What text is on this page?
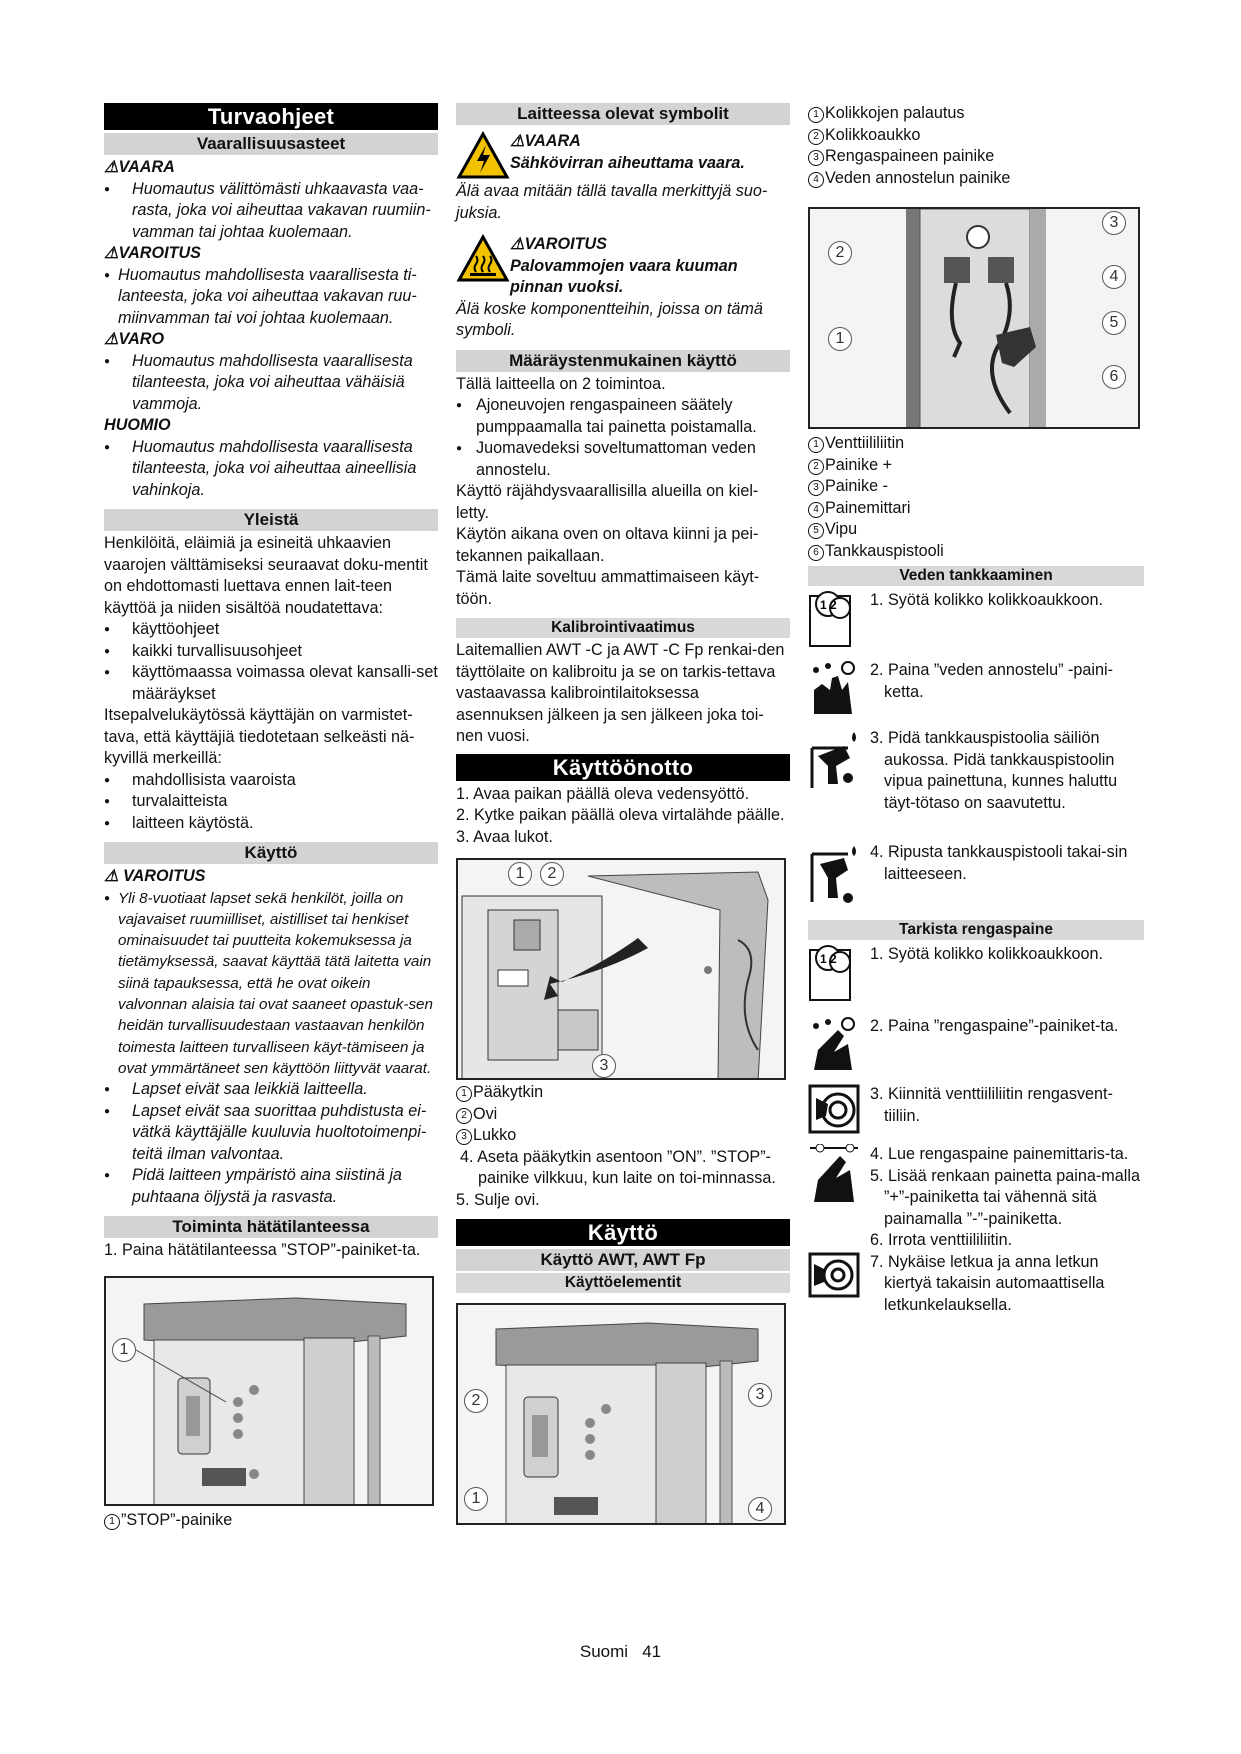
Turvaohjeet
Vaarallisuusasteet

⚠VAARA

● Huomautus välittömästi uhkaavasta vaa-rasta, joka voi aiheuttaa vakavan ruumiin-vamman tai johtaa kuolemaan.

⚠VAROITUS

● Huomautus mahdollisesta vaarallisesta ti-lanteesta, joka voi aiheuttaa vakavan ruu-miinvamman tai voi johtaa kuolemaan.

⚠VARO

● Huomautus mahdollisesta vaarallisesta tilanteesta, joka voi aiheuttaa vähäisiä vammoja.

HUOMIO

● Huomautus mahdollisesta vaarallisesta tilanteesta, joka voi aiheuttaa aineellisia vahinkoja.

Yleistä

Henkilöitä, eläimiä ja esineitä uhkaavien vaarojen välttämiseksi seuraavat doku-mentit on ehdottomasti luettava ennen lait-teen käyttöä ja niiden sisältöä noudatettava:

● käyttöohjeet

● kaikki turvallisuusohjeet

● käyttömaassa voimassa olevat kansalli-set määräykset

Itsepalvelukäytössä käyttäjän on varmistet-tava, että käyttäjiä tiedotetaan selkeästi nä-kyvillä merkeillä:

● mahdollisista vaaroista

● turvalaitteista

● laitteen käytöstä.

Käyttö

⚠ VAROITUS

● Yli 8-vuotiaat lapset sekä henkilöt, joilla on vajavaiset ruumiilliset, aistilliset tai henkiset ominaisuudet tai puutteita kokemuksessa ja tietämyksessä, saavat käyttää tätä laitetta vain siinä tapauksessa, että he ovat oikein valvonnan alaisia tai ovat saaneet opastuk-sen heidän turvallisuudestaan vastaavan henkilön toimesta laitteen turvalliseen käyt-tämiseen ja ovat ymmärtäneet sen käyttöön liittyvät vaarat.

● Lapset eivät saa leikkiä laitteella.

● Lapset eivät saa suorittaa puhdistusta ei-vätkä käyttäjälle kuuluvia huoltotoimenpi-teitä ilman valvontaa.

● Pidä laitteen ympäristö aina siistinä ja puhtaana öljystä ja rasvasta.

Toiminta hätätilanteessa

1. Paina hätätilanteessa ”STOP”-painiket-ta.

1

1 ”STOP”-painike

Laitteessa olevat symbolit

⚠VAARA

Sähkövirran aiheuttama vaara.

Älä avaa mitään tällä tavalla merkittyjä suo-juksia.

⚠VAROITUS

Palovammojen vaara kuuman pinnan vuoksi.

Älä koske komponentteihin, joissa on tämä symboli.

Määräystenmukainen käyttö

Tällä laitteella on 2 toimintoa.

● Ajoneuvojen rengaspaineen säätely pumppaamalla tai painetta poistamalla.

● Juomavedeksi soveltumattoman veden annostelu.

Käyttö räjähdysvaarallisilla alueilla on kiel-letty.

Käytön aikana oven on oltava kiinni ja pei-tekannen paikallaan.

Tämä laite soveltuu ammattimaiseen käyt-töön.

Kalibrointivaatimus

Laitemallien AWT -C ja AWT -C Fp renkai-den täyttölaite on kalibroitu ja se on tarkis-tettava vastaavassa kalibrointilaitoksessa asennuksen jälkeen ja sen jälkeen joka toi-nen vuosi.

Käyttöönotto

1. Avaa paikan päällä oleva vedensyöttö.

2. Kytke paikan päällä oleva virtalähde päälle.

3. Avaa lukot.

1	2
3

1 Pääkytkin

2 Ovi

3 Lukko

4. Aseta pääkytkin asentoon ”ON”. ”STOP”-painike vilkkuu, kun laite on toi-minnassa.

5. Sulje ovi.

Käyttö
Käyttö AWT, AWT Fp
Käyttöelementit
2	3
1
4

1 Kolikkojen palautus

2 Kolikkoaukko

3 Rengaspaineen painike

4 Veden annostelun painike

2
1
3
4
5
6

1 Venttiililiitin

2 Painike +

3 Painike -

4 Painemittari

5 Vipu

6 Tankkauspistooli

Veden tankkaaminen
1 2 1. Syötä kolikko kolikkoaukkoon.

2. Paina ”veden annostelu” -paini-ketta.

3. Pidä tankkauspistoolia säiliön aukossa. Pidä tankkauspistoolin vipua painettuna, kunnes haluttu täyt-tötaso on saavutettu.

4. Ripusta tankkauspistooli takai-sin laitteeseen.

Tarkista rengaspaine
1 2 1. Syötä kolikko kolikkoaukkoon.

2. Paina ”rengaspaine”-painiket-ta.

3. Kiinnitä venttiililiitin rengasvent-tiiliin.

4. Lue rengaspaine painemittaris-ta.

5. Lisää renkaan painetta paina-malla ”+”-painiketta tai vähennä sitä painamalla ”-”-painiketta.

6. Irrota venttiililiitin.

7. Nykäise letkua ja anna letkun kiertyä takaisin automaattisella letkunkelauksella.

Suomi 41
